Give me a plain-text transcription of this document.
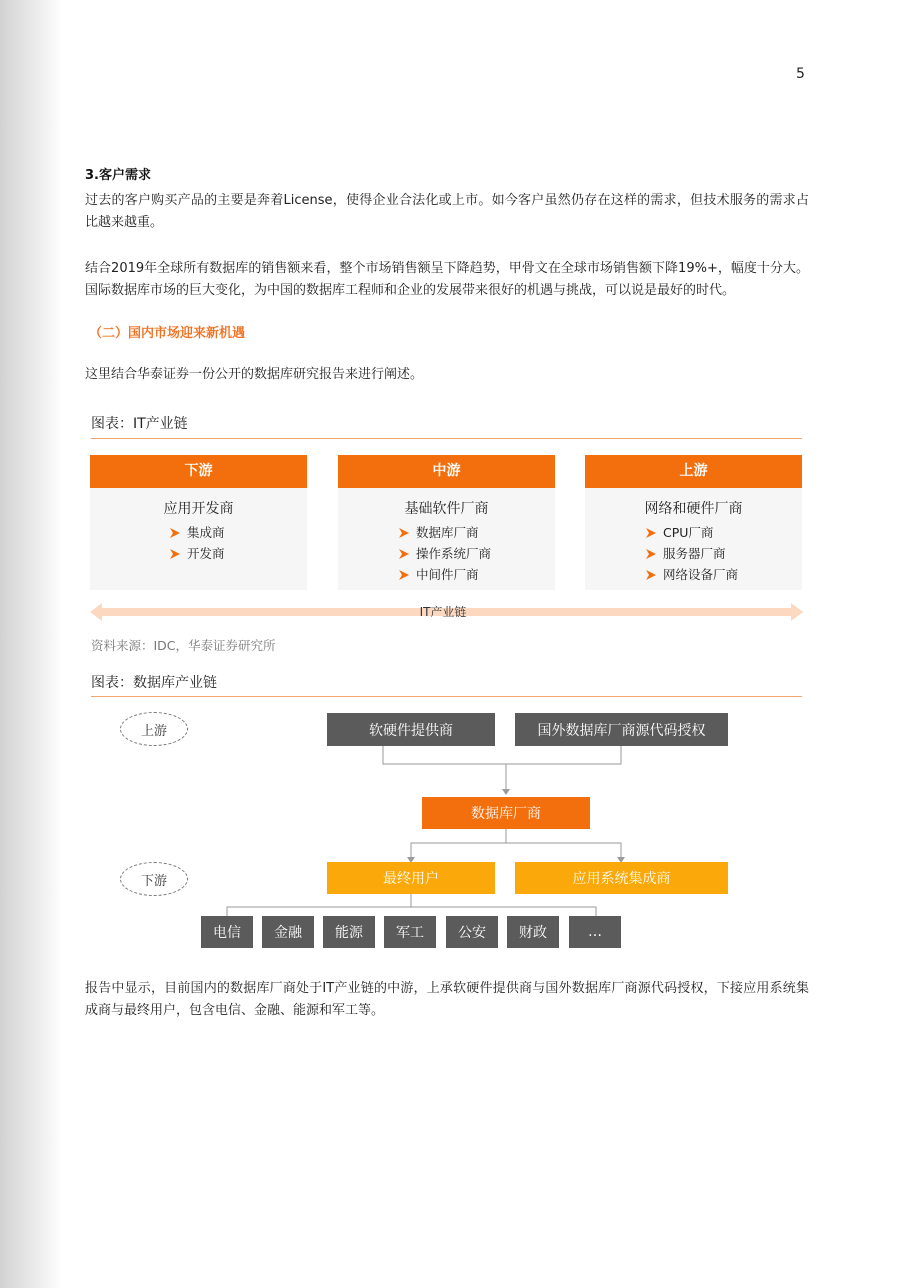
5
3.客户需求
过去的客户购买产品的主要是奔着License，使得企业合法化或上市。如今客户虽然仍存在这样的需求，但技术服务的需求占比越来越重。
结合2019年全球所有数据库的销售额来看，整个市场销售额呈下降趋势，甲骨文在全球市场销售额下降19%+，幅度十分大。国际数据库市场的巨大变化，为中国的数据库工程师和企业的发展带来很好的机遇与挑战，可以说是最好的时代。
（二）国内市场迎来新机遇
这里结合华泰证券一份公开的数据库研究报告来进行阐述。
图表：IT产业链
下游
应用开发商
集成商
开发商
中游
基础软件厂商
数据库厂商
操作系统厂商
中间件厂商
上游
网络和硬件厂商
CPU厂商
服务器厂商
网络设备厂商
IT产业链
资料来源：IDC，华泰证券研究所
图表：数据库产业链
上游
下游
软硬件提供商	国外数据库厂商源代码授权
数据库厂商
最终用户	应用系统集成商
电信	金融	能源	军工	公安	财政	…
报告中显示，目前国内的数据库厂商处于IT产业链的中游，上承软硬件提供商与国外数据库厂商源代码授权，下接应用系统集成商与最终用户，包含电信、金融、能源和军工等。
